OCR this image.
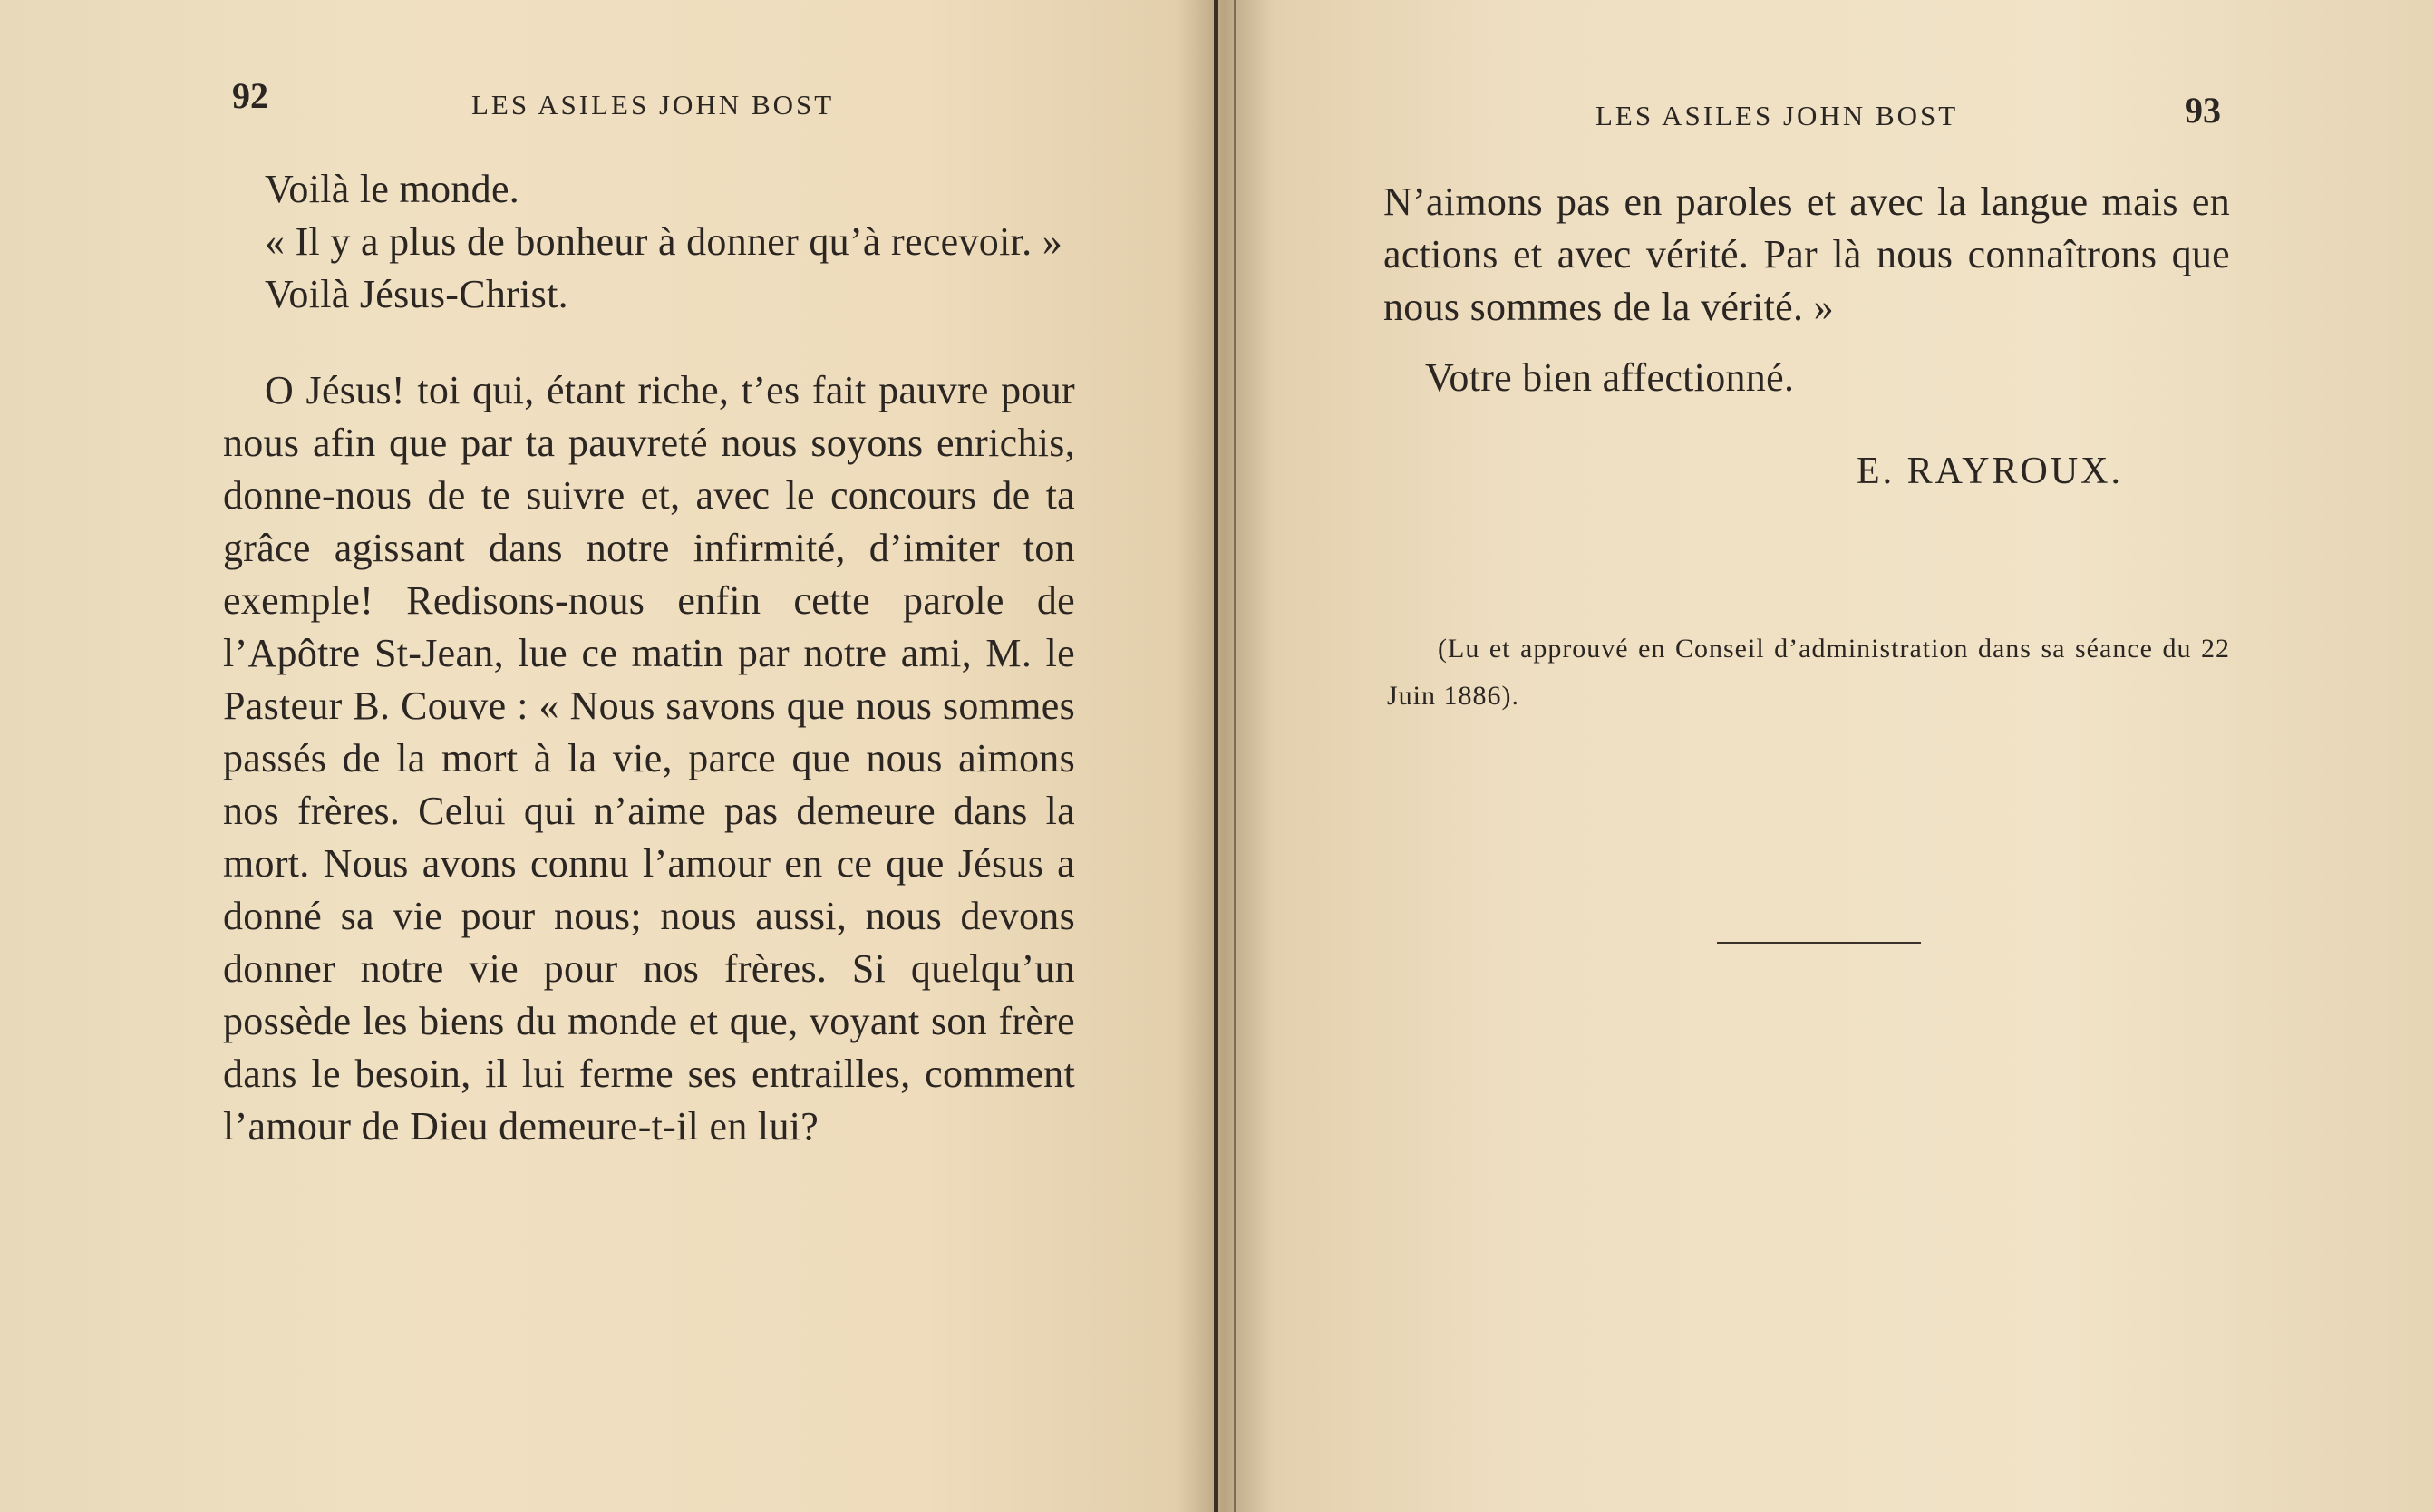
92	LES ASILES JOHN BOST

Voilà le monde.

« Il y a plus de bonheur à donner qu’à recevoir. »

Voilà Jésus-Christ.

O Jésus! toi qui, étant riche, t’es fait pauvre pour nous afin que par ta pauvreté nous soyons enrichis, donne-nous de te suivre et, avec le concours de ta grâce agissant dans notre infirmité, d’imiter ton exemple! Redisons-nous enfin cette parole de l’Apôtre St-Jean, lue ce matin par notre ami, M. le Pasteur B. Couve : « Nous savons que nous sommes passés de la mort à la vie, parce que nous aimons nos frères. Celui qui n’aime pas demeure dans la mort. Nous avons connu l’amour en ce que Jésus a donné sa vie pour nous; nous aussi, nous devons donner notre vie pour nos frères. Si quelqu’un possède les biens du monde et que, voyant son frère dans le besoin, il lui ferme ses entrailles, comment l’amour de Dieu demeure-t-il en lui?

LES ASILES JOHN BOST	93

N’aimons pas en paroles et avec la langue mais en actions et avec vérité. Par là nous connaîtrons que nous sommes de la vérité. »

Votre bien affectionné.

E. RAYROUX.
(Lu et approuvé en Conseil d’administration dans sa séance du 22 Juin 1886).
